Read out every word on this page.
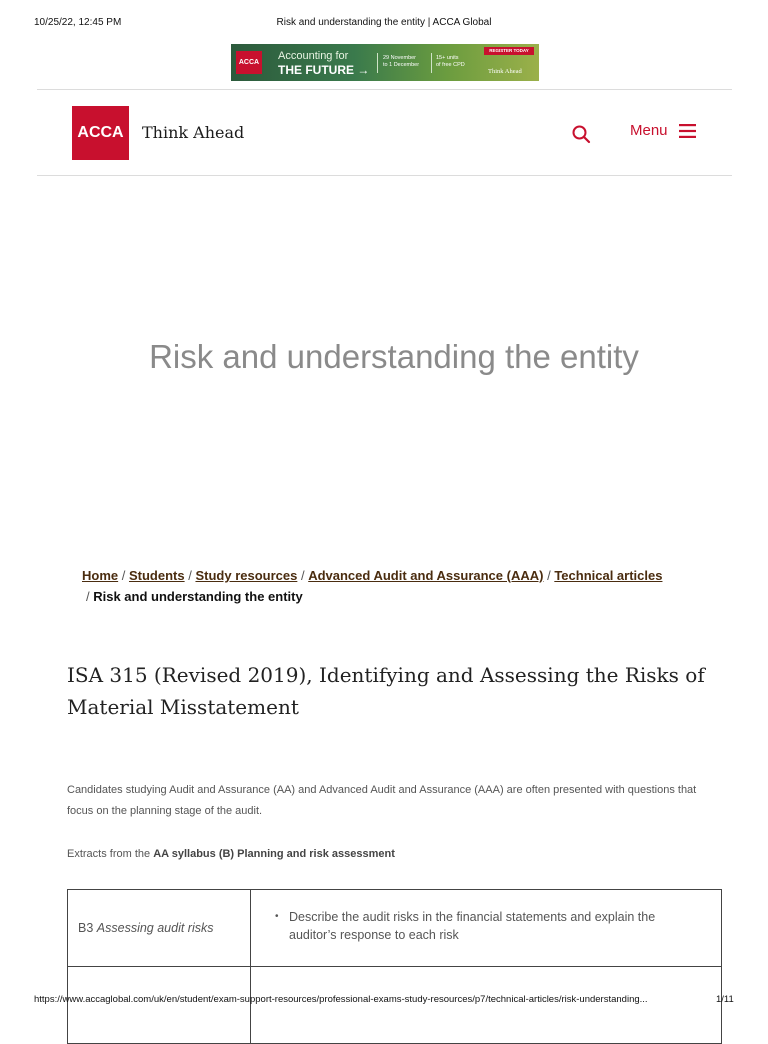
10/25/22, 12:45 PM	Risk and understanding the entity | ACCA Global
ACCA
Accounting for
THE FUTURE →
29 November
to 1 December
15+ units
of free CPD
REGISTER TODAY
Think Ahead
ACCA	Think Ahead	Menu
Risk and understanding the entity
Home / Students / Study resources / Advanced Audit and Assurance (AAA) / Technical articles
/ Risk and understanding the entity
ISA 315 (Revised 2019), Identifying and Assessing the Risks of Material Misstatement
Candidates studying Audit and Assurance (AA) and Advanced Audit and Assurance (AAA) are often presented with questions that focus on the planning stage of the audit.
Extracts from the AA syllabus (B) Planning and risk assessment
B3 Assessing audit risks	• Describe the audit risks in the financial statements and explain the auditor’s response to each risk

https://www.accaglobal.com/uk/en/student/exam-support-resources/professional-exams-study-resources/p7/technical-articles/risk-understanding...	1/11
